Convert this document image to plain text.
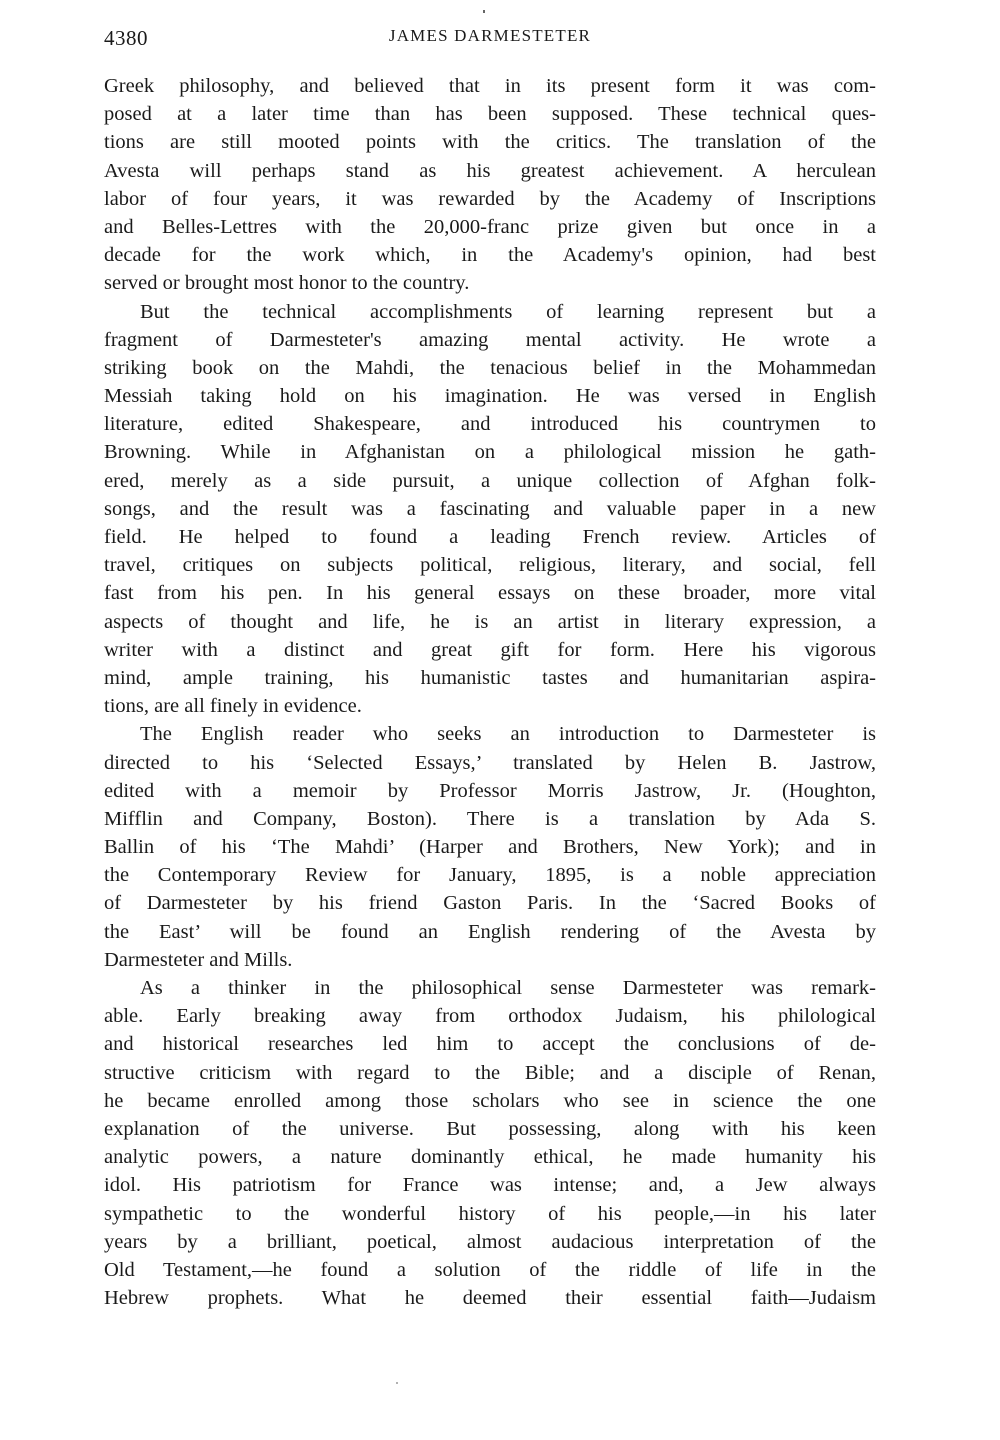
4380	JAMES DARMESTETER
Greek philosophy, and believed that in its present form it was com-
posed at a later time than has been supposed. These technical ques-
tions are still mooted points with the critics. The translation of the
Avesta will perhaps stand as his greatest achievement. A herculean
labor of four years, it was rewarded by the Academy of Inscriptions
and Belles-Lettres with the 20,000-franc prize given but once in a
decade for the work which, in the Academy's opinion, had best
served or brought most honor to the country.
But the technical accomplishments of learning represent but a
fragment of Darmesteter's amazing mental activity. He wrote a
striking book on the Mahdi, the tenacious belief in the Mohammedan
Messiah taking hold on his imagination. He was versed in English
literature, edited Shakespeare, and introduced his countrymen to
Browning. While in Afghanistan on a philological mission he gath-
ered, merely as a side pursuit, a unique collection of Afghan folk-
songs, and the result was a fascinating and valuable paper in a new
field. He helped to found a leading French review. Articles of
travel, critiques on subjects political, religious, literary, and social, fell
fast from his pen. In his general essays on these broader, more vital
aspects of thought and life, he is an artist in literary expression, a
writer with a distinct and great gift for form. Here his vigorous
mind, ample training, his humanistic tastes and humanitarian aspira-
tions, are all finely in evidence.
The English reader who seeks an introduction to Darmesteter is
directed to his ‘Selected Essays,’ translated by Helen B. Jastrow,
edited with a memoir by Professor Morris Jastrow, Jr. (Houghton,
Mifflin and Company, Boston). There is a translation by Ada S.
Ballin of his ‘The Mahdi’ (Harper and Brothers, New York); and in
the Contemporary Review for January, 1895, is a noble appreciation
of Darmesteter by his friend Gaston Paris. In the ‘Sacred Books of
the East’ will be found an English rendering of the Avesta by
Darmesteter and Mills.
As a thinker in the philosophical sense Darmesteter was remark-
able. Early breaking away from orthodox Judaism, his philological
and historical researches led him to accept the conclusions of de-
structive criticism with regard to the Bible; and a disciple of Renan,
he became enrolled among those scholars who see in science the one
explanation of the universe. But possessing, along with his keen
analytic powers, a nature dominantly ethical, he made humanity his
idol. His patriotism for France was intense; and, a Jew always
sympathetic to the wonderful history of his people,—in his later
years by a brilliant, poetical, almost audacious interpretation of the
Old Testament,—he found a solution of the riddle of life in the
Hebrew prophets. What he deemed their essential faith—Judaism
